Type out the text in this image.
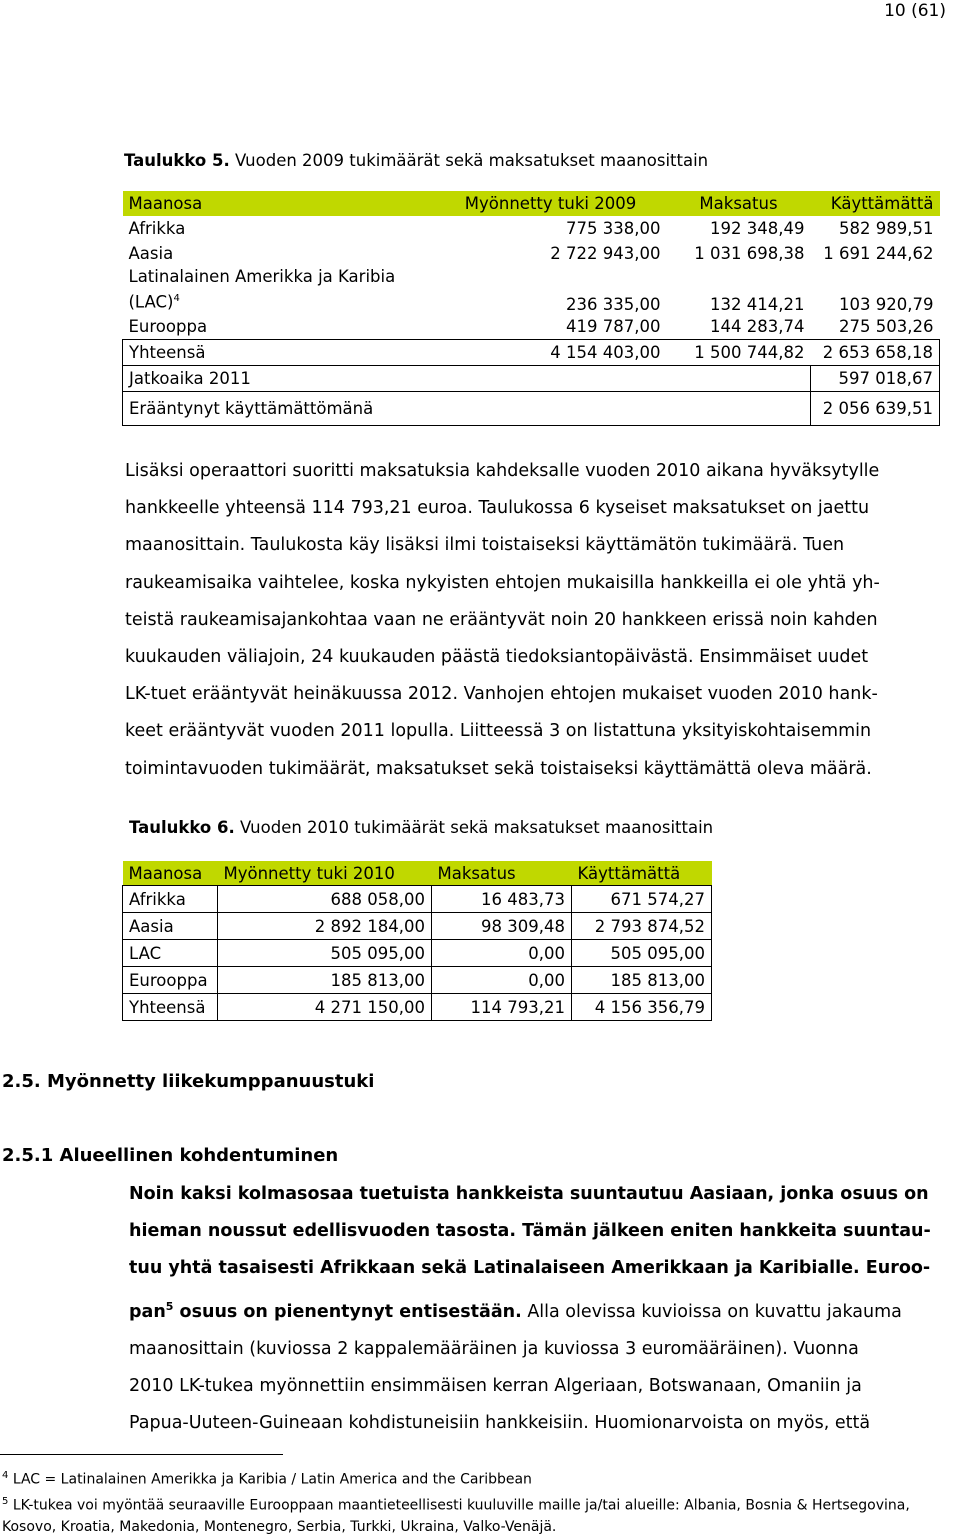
10 (61)
Taulukko 5. Vuoden 2009 tukimäärät sekä maksatukset maanosittain
Maanosa	Myönnetty tuki 2009	Maksatus	Käyttämättä
Afrikka	775 338,00	192 348,49	582 989,51
Aasia	2 722 943,00	1 031 698,38	1 691 244,62
Latinalainen Amerikka ja Karibia
(LAC)$^4$	236 335,00	132 414,21	103 920,79
Eurooppa	419 787,00	144 283,74	275 503,26
Yhteensä	4 154 403,00	1 500 744,82	2 653 658,18
Jatkoaika 2011			597 018,67
Erääntynyt käyttämättömänä			2 056 639,51
Lisäksi operaattori suoritti maksatuksia kahdeksalle vuoden 2010 aikana hyväksytylle
hankkeelle yhteensä 114 793,21 euroa. Taulukossa 6 kyseiset maksatukset on jaettu
maanosittain. Taulukosta käy lisäksi ilmi toistaiseksi käyttämätön tukimäärä. Tuen
raukeamisaika vaihtelee, koska nykyisten ehtojen mukaisilla hankkeilla ei ole yhtä yh-
teistä raukeamisajankohtaa vaan ne erääntyvät noin 20 hankkeen erissä noin kahden
kuukauden väliajoin, 24 kuukauden päästä tiedoksiantopäivästä. Ensimmäiset uudet
LK-tuet erääntyvät heinäkuussa 2012. Vanhojen ehtojen mukaiset vuoden 2010 hank-
keet erääntyvät vuoden 2011 lopulla. Liitteessä 3 on listattuna yksityiskohtaisemmin
toimintavuoden tukimäärät, maksatukset sekä toistaiseksi käyttämättä oleva määrä.
Taulukko 6. Vuoden 2010 tukimäärät sekä maksatukset maanosittain
Maanosa	Myönnetty tuki 2010	Maksatus	Käyttämättä
Afrikka	688 058,00	16 483,73	671 574,27
Aasia	2 892 184,00	98 309,48	2 793 874,52
LAC	505 095,00	0,00	505 095,00
Eurooppa	185 813,00	0,00	185 813,00
Yhteensä	4 271 150,00	114 793,21	4 156 356,79
2.5. Myönnetty liikekumppanuustuki
2.5.1 Alueellinen kohdentuminen
Noin kaksi kolmasosaa tuetuista hankkeista suuntautuu Aasiaan, jonka osuus on
hieman noussut edellisvuoden tasosta. Tämän jälkeen eniten hankkeita suuntau-
tuu yhtä tasaisesti Afrikkaan sekä Latinalaiseen Amerikkaan ja Karibialle. Euroo-
pan$^5$ osuus on pienentynyt entisestään. Alla olevissa kuvioissa on kuvattu jakauma
maanosittain (kuviossa 2 kappalemääräinen ja kuviossa 3 euromääräinen). Vuonna
2010 LK-tukea myönnettiin ensimmäisen kerran Algeriaan, Botswanaan, Omaniin ja
Papua-Uuteen-Guineaan kohdistuneisiin hankkeisiin. Huomionarvoista on myös, että
$^4$ LAC = Latinalainen Amerikka ja Karibia / Latin America and the Caribbean
$^5$ LK-tukea voi myöntää seuraaville Eurooppaan maantieteellisesti kuuluville maille ja/tai alueille: Albania, Bosnia & Hertsegovina,
Kosovo, Kroatia, Makedonia, Montenegro, Serbia, Turkki, Ukraina, Valko-Venäjä.
